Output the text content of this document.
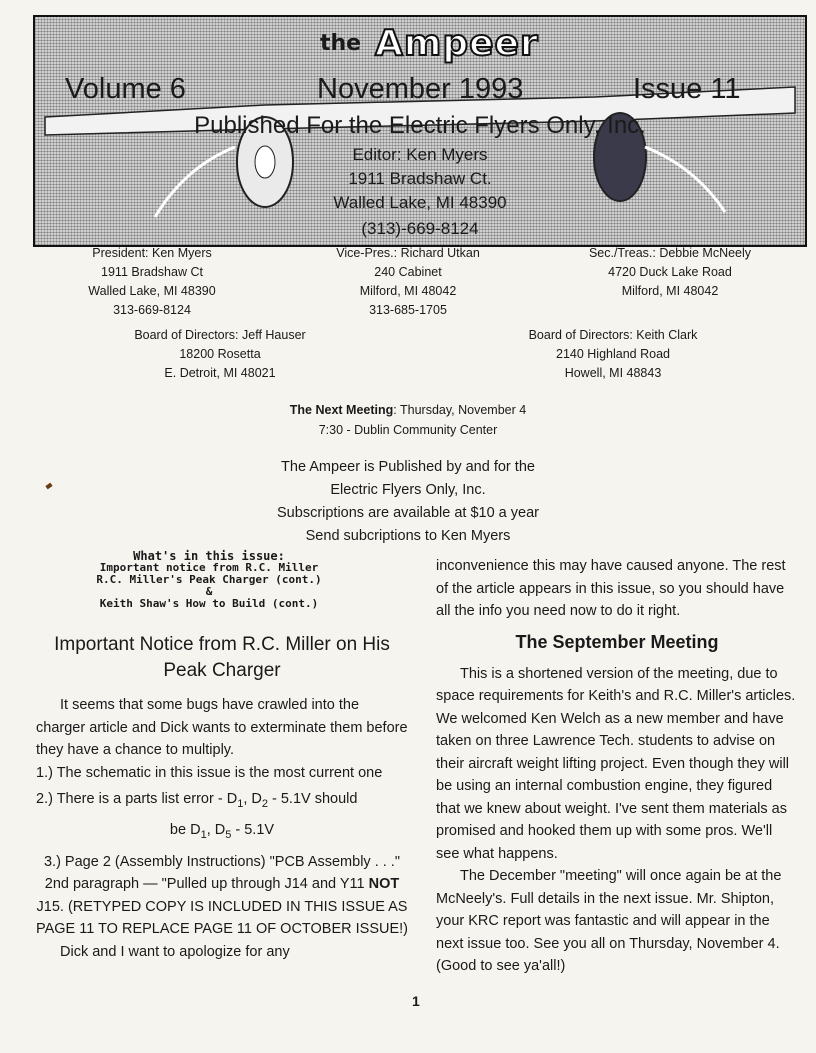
the Ampeer
Volume 6	November 1993	Issue 11
Published For the Electric Flyers Only, Inc.
Editor: Ken Myers
1911 Bradshaw Ct.
Walled Lake, MI 48390
(313)-669-8124
President: Ken Myers
1911 Bradshaw Ct
Walled Lake, MI 48390
313-669-8124
Vice-Pres.: Richard Utkan
240 Cabinet
Milford, MI 48042
313-685-1705
Sec./Treas.: Debbie McNeely
4720 Duck Lake Road
Milford, MI 48042
Board of Directors: Jeff Hauser
18200 Rosetta
E. Detroit, MI 48021
Board of Directors: Keith Clark
2140 Highland Road
Howell, MI 48843
The Next Meeting: Thursday, November 4
7:30 - Dublin Community Center
The Ampeer is Published by and for the
Electric Flyers Only, Inc.
Subscriptions are available at $10 a year
Send subcriptions to Ken Myers
What's in this issue:
Important notice from R.C. Miller
R.C. Miller's Peak Charger (cont.)
&
Keith Shaw's How to Build (cont.)
Important Notice from R.C. Miller on His Peak Charger

It seems that some bugs have crawled into the charger article and Dick wants to exterminate them before they have a chance to multiply.

1.) The schematic in this issue is the most current one

2.) There is a parts list error - $D_1$, $D_2 - 5.1V$ should

be $D_1$, $D_5 - 5.1V$

3.) Page 2 (Assembly Instructions) "PCB Assembly . . ." 2nd paragraph — "Pulled up through J14 and Y11 NOT J15. (RETYPED COPY IS INCLUDED IN THIS ISSUE AS PAGE 11 TO REPLACE PAGE 11 OF OCTOBER ISSUE!)

Dick and I want to apologize for any

inconvenience this may have caused anyone. The rest of the article appears in this issue, so you should have all the info you need now to do it right.

The September Meeting

This is a shortened version of the meeting, due to space requirements for Keith's and R.C. Miller's articles. We welcomed Ken Welch as a new member and have taken on three Lawrence Tech. students to advise on their aircraft weight lifting project. Even though they will be using an internal combustion engine, they figured that we knew about weight. I've sent them materials as promised and hooked them up with some pros. We'll see what happens.

The December "meeting" will once again be at the McNeely's. Full details in the next issue. Mr. Shipton, your KRC report was fantastic and will appear in the next issue too. See you all on Thursday, November 4. (Good to see ya'all!)

1
